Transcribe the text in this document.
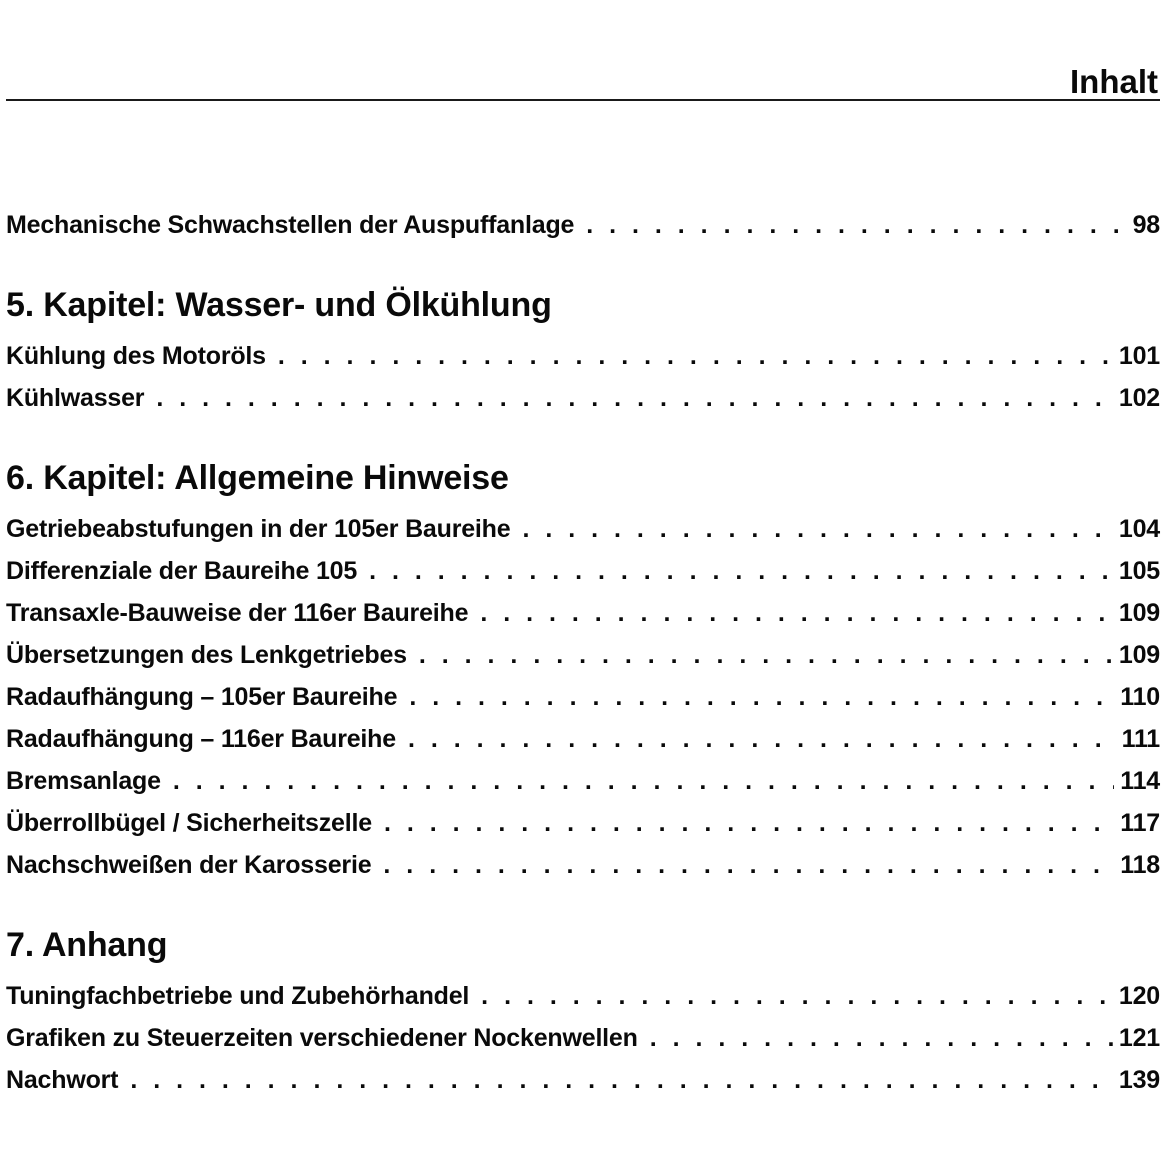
Inhalt
Mechanische Schwachstellen der Auspuffanlage . . .	98
5. Kapitel: Wasser- und Ölkühlung
Kühlung des Motoröls . . .	101
Kühlwasser . . .	102
6. Kapitel: Allgemeine Hinweise
Getriebeabstufungen in der 105er Baureihe . . .	104
Differenziale der Baureihe 105 . . .	105
Transaxle-Bauweise der 116er Baureihe . . .	109
Übersetzungen des Lenkgetriebes . . .	109
Radaufhängung – 105er Baureihe . . .	110
Radaufhängung – 116er Baureihe . . .	111
Bremsanlage . . .	114
Überrollbügel / Sicherheitszelle . . .	117
Nachschweißen der Karosserie . . .	118
7. Anhang
Tuningfachbetriebe und Zubehörhandel . . .	120
Grafiken zu Steuerzeiten verschiedener Nockenwellen . . .	121
Nachwort . . .	139
